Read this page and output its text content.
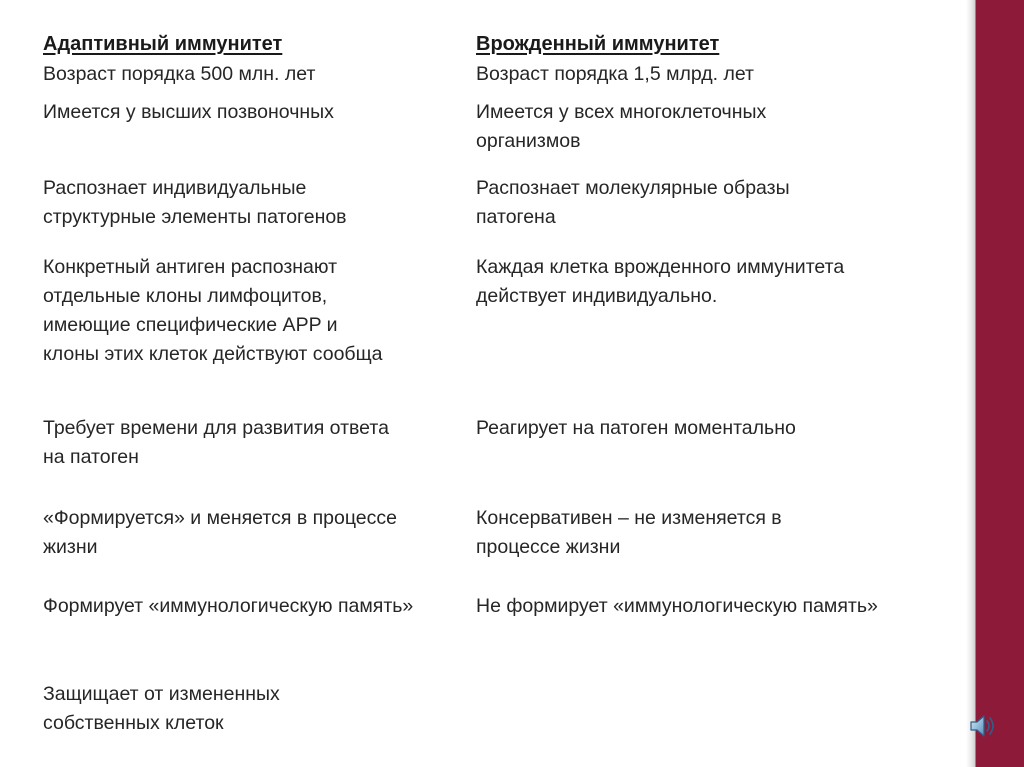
Адаптивный иммунитет
Возраст порядка 500 млн. лет
Имеется у высших позвоночных
Распознает индивидуальные
структурные элементы патогенов
Конкретный антиген распознают
отдельные клоны лимфоцитов,
имеющие специфические APP и
клоны этих клеток действуют сообща
Требует времени для развития ответа
на патоген
«Формируется» и меняется в процессе
жизни
Формирует «иммунологическую память»
Защищает от измененных
собственных клеток
Врожденный иммунитет
Возраст порядка 1,5 млрд. лет
Имеется у всех многоклеточных
организмов
Распознает молекулярные образы
патогена
Каждая клетка врожденного иммунитета
действует индивидуально.
Реагирует на патоген моментально
Консервативен – не изменяется в
процессе жизни
Не формирует «иммунологическую память»
